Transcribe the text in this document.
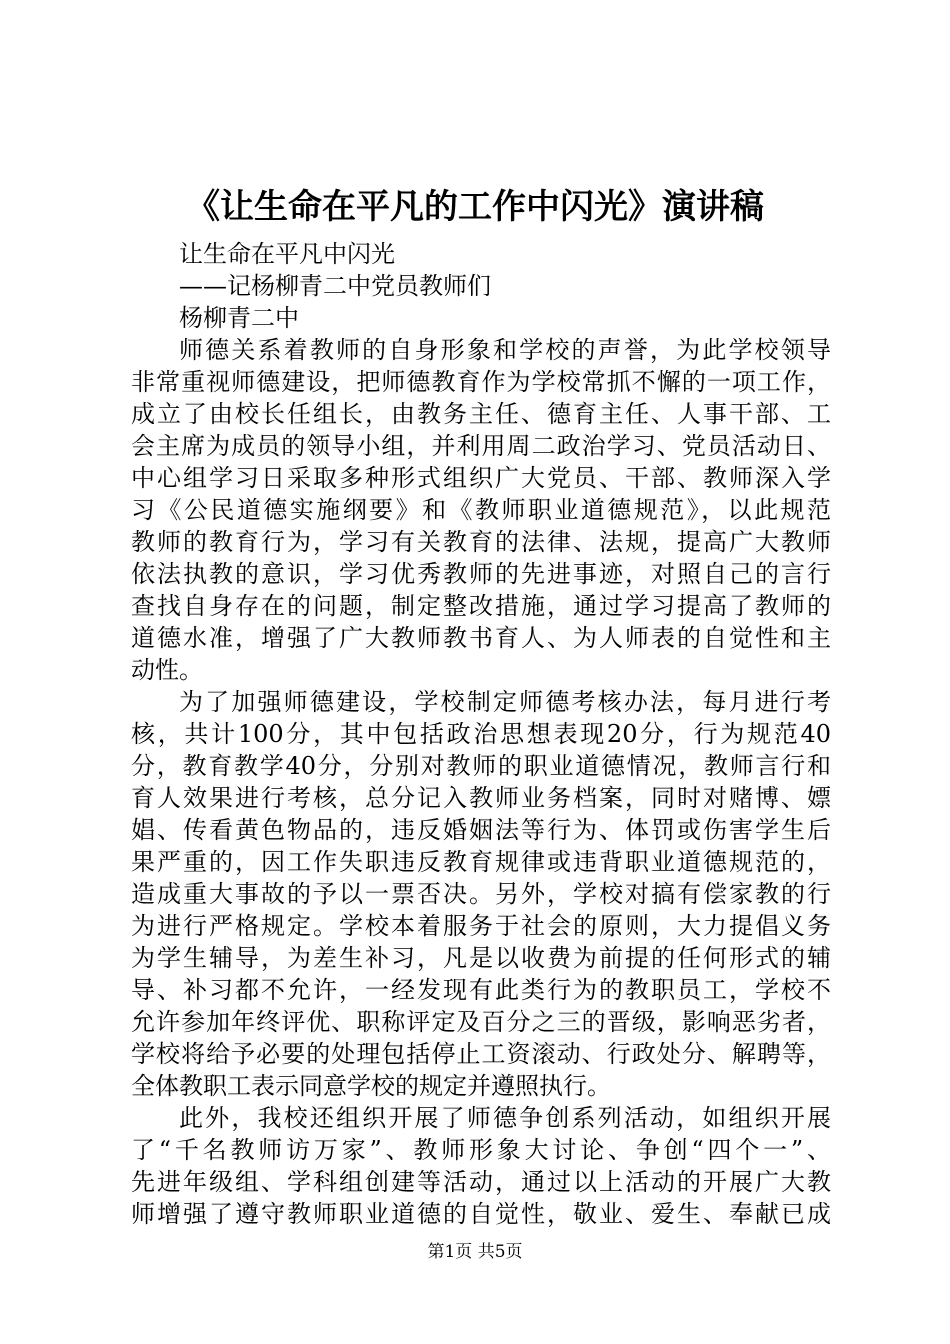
《让生命在平凡的工作中闪光》演讲稿
让生命在平凡中闪光
——记杨柳青二中党员教师们
杨柳青二中
师德关系着教师的自身形象和学校的声誉，为此学校领导
非常重视师德建设，把师德教育作为学校常抓不懈的一项工作，
成立了由校长任组长，由教务主任、德育主任、人事干部、工
会主席为成员的领导小组，并利用周二政治学习、党员活动日、
中心组学习日采取多种形式组织广大党员、干部、教师深入学
习《公民道德实施纲要》和《教师职业道德规范》，以此规范
教师的教育行为，学习有关教育的法律、法规，提高广大教师
依法执教的意识，学习优秀教师的先进事迹，对照自己的言行
查找自身存在的问题，制定整改措施，通过学习提高了教师的
道德水准，增强了广大教师教书育人、为人师表的自觉性和主
动性。
为了加强师德建设，学校制定师德考核办法，每月进行考
核，共计100分，其中包括政治思想表现20分，行为规范40
分，教育教学40分，分别对教师的职业道德情况，教师言行和
育人效果进行考核，总分记入教师业务档案，同时对赌博、嫖
娼、传看黄色物品的，违反婚姻法等行为、体罚或伤害学生后
果严重的，因工作失职违反教育规律或违背职业道德规范的，
造成重大事故的予以一票否决。另外，学校对搞有偿家教的行
为进行严格规定。学校本着服务于社会的原则，大力提倡义务
为学生辅导，为差生补习，凡是以收费为前提的任何形式的辅
导、补习都不允许，一经发现有此类行为的教职员工，学校不
允许参加年终评优、职称评定及百分之三的晋级，影响恶劣者，
学校将给予必要的处理包括停止工资滚动、行政处分、解聘等，
全体教职工表示同意学校的规定并遵照执行。
此外，我校还组织开展了师德争创系列活动，如组织开展
了“千名教师访万家”、教师形象大讨论、争创“四个一”、
先进年级组、学科组创建等活动，通过以上活动的开展广大教
师增强了遵守教师职业道德的自觉性，敬业、爱生、奉献已成
第1页 共5页
